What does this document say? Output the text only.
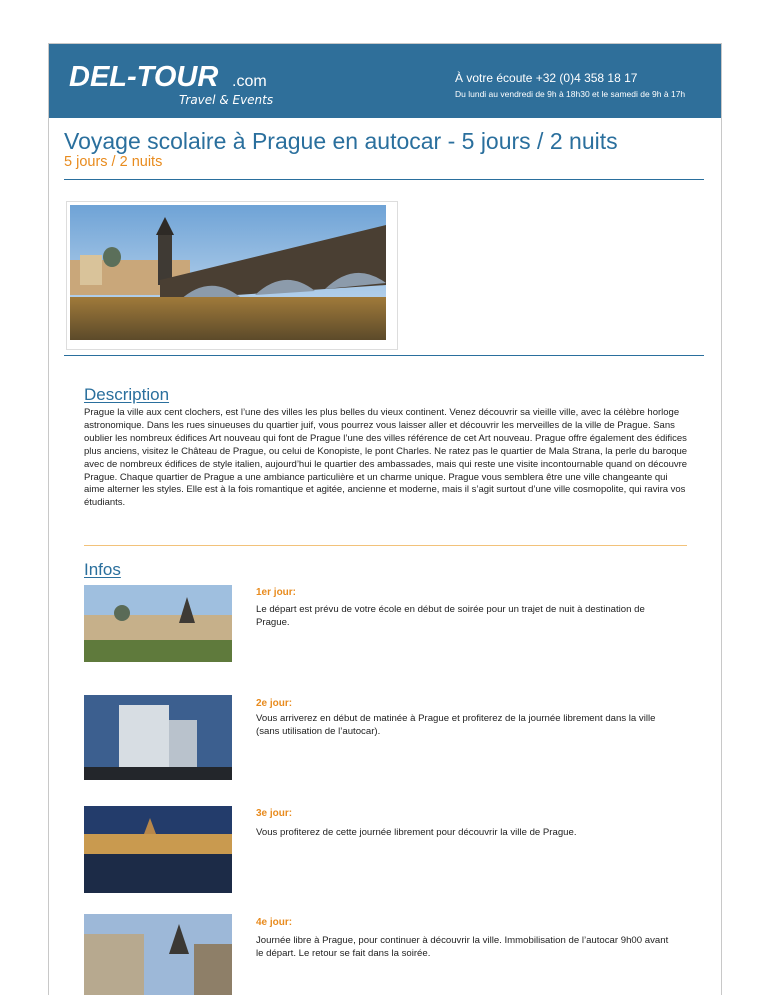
DEL-TOUR .com
Travel & Events
À votre écoute +32 (0)4 358 18 17
Du lundi au vendredi de 9h à 18h30 et le samedi de 9h à 17h
Voyage scolaire à Prague en autocar - 5 jours / 2 nuits
5 jours / 2 nuits
Description

Prague la ville aux cent clochers, est l’une des villes les plus belles du vieux continent. Venez découvrir sa vieille ville, avec la célèbre horloge astronomique. Dans les rues sinueuses du quartier juif, vous pourrez vous laisser aller et découvrir les merveilles de la ville de Prague. Sans oublier les nombreux édifices Art nouveau qui font de Prague l’une des villes référence de cet Art nouveau. Prague offre également des édifices plus anciens, visitez le Château de Prague, ou celui de Konopiste, le pont Charles. Ne ratez pas le quartier de Mala Strana, la perle du baroque avec de nombreux édifices de style italien, aujourd’hui le quartier des ambassades, mais qui reste une visite incontournable quand on découvre Prague. Chaque quartier de Prague a une ambiance particulière et un charme unique. Prague vous semblera être une ville changeante qui aime alterner les styles. Elle est à la fois romantique et agitée, ancienne et moderne, mais il s’agit surtout d’une ville cosmopolite, qui ravira vos étudiants.

Infos
1er jour:

Le départ est prévu de votre école en début de soirée pour un trajet de nuit à destination de Prague.

2e jour:

Vous arriverez en début de matinée à Prague et profiterez de la journée librement dans la ville (sans utilisation de l’autocar).

3e jour:

Vous profiterez de cette journée librement pour découvrir la ville de Prague.

4e jour:

Journée libre à Prague, pour continuer à découvrir la ville. Immobilisation de l’autocar 9h00 avant le départ. Le retour se fait dans la soirée.
